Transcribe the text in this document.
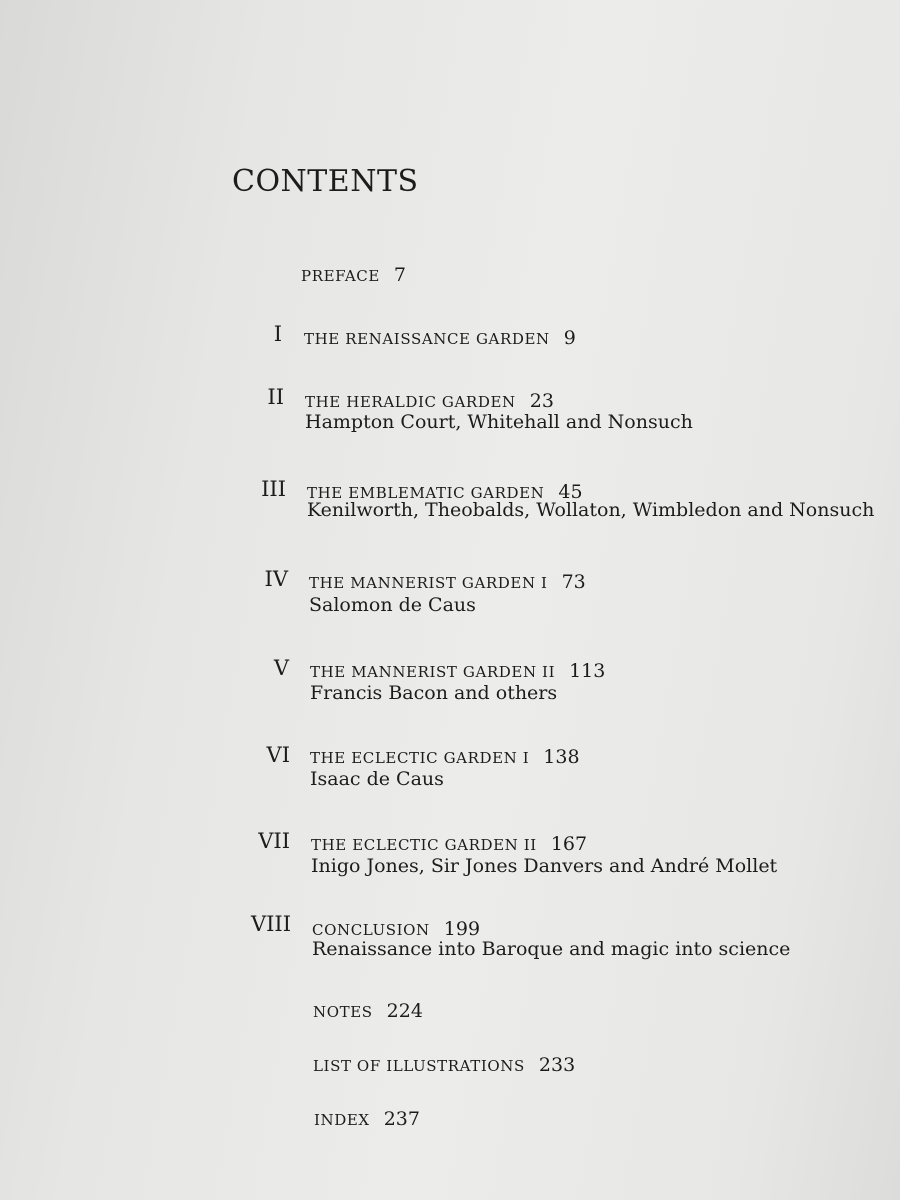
CONTENTS
PREFACE 7
I THE RENAISSANCE GARDEN 9
II THE HERALDIC GARDEN 23
Hampton Court, Whitehall and Nonsuch
III THE EMBLEMATIC GARDEN 45
Kenilworth, Theobalds, Wollaton, Wimbledon and Nonsuch
IV THE MANNERIST GARDEN I 73
Salomon de Caus
V THE MANNERIST GARDEN II 113
Francis Bacon and others
VI THE ECLECTIC GARDEN I 138
Isaac de Caus
VII THE ECLECTIC GARDEN II 167
Inigo Jones, Sir Jones Danvers and André Mollet
VIII CONCLUSION 199
Renaissance into Baroque and magic into science
NOTES 224
LIST OF ILLUSTRATIONS 233
INDEX 237
